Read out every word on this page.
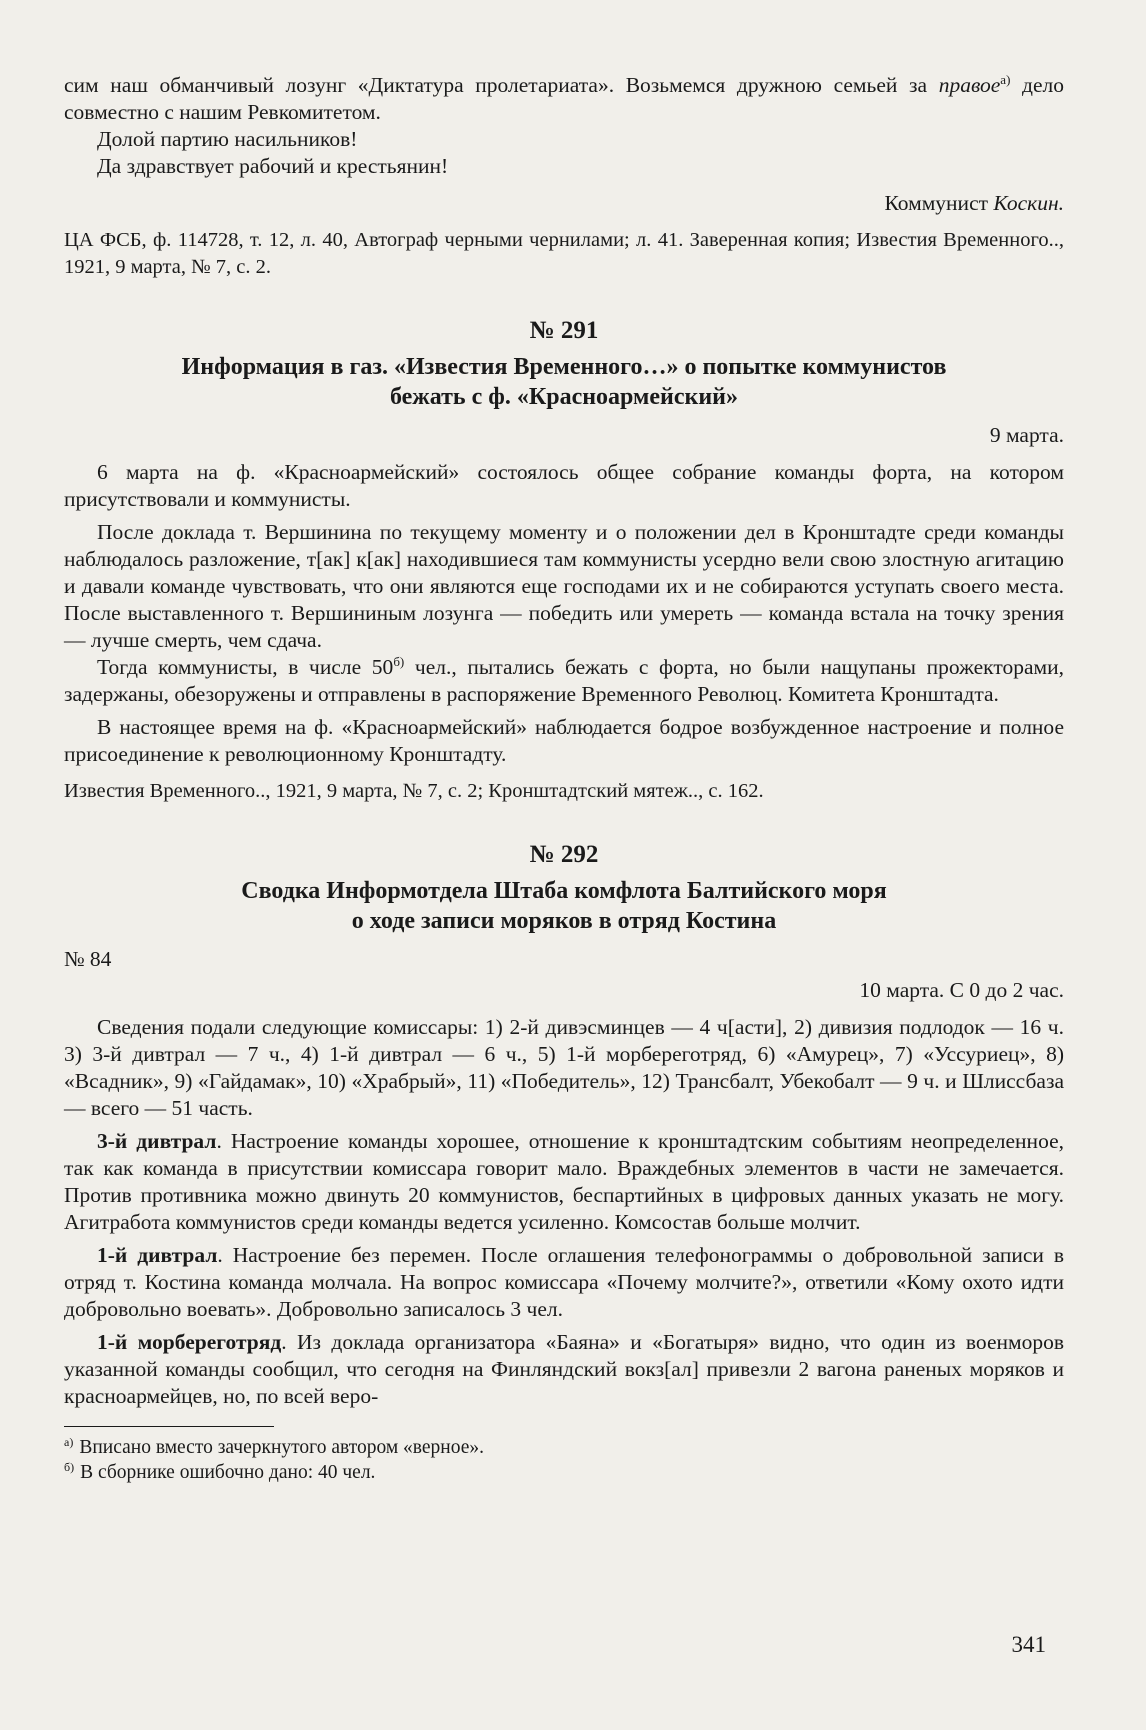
сим наш обманчивый лозунг «Диктатура пролетариата». Возьмемся дружною семьей за правое$^{a)}$ дело совместно с нашим Ревкомитетом.

Долой партию насильников!

Да здравствует рабочий и крестьянин!

Коммунист Коскин.

ЦА ФСБ, ф. 114728, т. 12, л. 40, Автограф черными чернилами; л. 41. Заверенная копия; Известия Временного.., 1921, 9 марта, № 7, с. 2.

№ 291
Информация в газ. «Известия Временного…» о попытке коммунистов
бежать с ф. «Красноармейский»
9 марта.

6 марта на ф. «Красноармейский» состоялось общее собрание команды форта, на котором присутствовали и коммунисты.

После доклада т. Вершинина по текущему моменту и о положении дел в Кронштадте среди команды наблюдалось разложение, т[ак] к[ак] находившиеся там коммунисты усердно вели свою злостную агитацию и давали команде чувствовать, что они являются еще господами их и не собираются уступать своего места. После выставленного т. Вершининым лозунга — победить или умереть — команда встала на точку зрения — лучше смерть, чем сдача.

Тогда коммунисты, в числе 50$^{б)}$ чел., пытались бежать с форта, но были нащупаны прожекторами, задержаны, обезоружены и отправлены в распоряжение Временного Революц. Комитета Кронштадта.

В настоящее время на ф. «Красноармейский» наблюдается бодрое возбужденное настроение и полное присоединение к революционному Кронштадту.

Известия Временного.., 1921, 9 марта, № 7, с. 2; Кронштадтский мятеж.., с. 162.

№ 292
Сводка Информотдела Штаба комфлота Балтийского моря
о ходе записи моряков в отряд Костина
№ 84
10 марта. С 0 до 2 час.

Сведения подали следующие комиссары: 1) 2-й дивэсминцев — 4 ч[асти], 2) дивизия подлодок — 16 ч. 3) 3-й дивтрал — 7 ч., 4) 1-й дивтрал — 6 ч., 5) 1-й морбереготряд, 6) «Амурец», 7) «Уссуриец», 8) «Всадник», 9) «Гайдамак», 10) «Храбрый», 11) «Победитель», 12) Трансбалт, Убекобалт — 9 ч. и Шлиссбаза — всего — 51 часть.

3-й дивтрал. Настроение команды хорошее, отношение к кронштадтским событиям неопределенное, так как команда в присутствии комиссара говорит мало. Враждебных элементов в части не замечается. Против противника можно двинуть 20 коммунистов, беспартийных в цифровых данных указать не могу. Агитработа коммунистов среди команды ведется усиленно. Комсостав больше молчит.

1-й дивтрал. Настроение без перемен. После оглашения телефонограммы о добровольной записи в отряд т. Костина команда молчала. На вопрос комиссара «Почему молчите?», ответили «Кому охото идти добровольно воевать». Добровольно записалось 3 чел.

1-й морбереготряд. Из доклада организатора «Баяна» и «Богатыря» видно, что один из военморов указанной команды сообщил, что сегодня на Финляндский вокз[ал] привезли 2 вагона раненых моряков и красноармейцев, но, по всей веро-

$^{а)}$ Вписано вместо зачеркнутого автором «верное».
$^{б)}$ В сборнике ошибочно дано: 40 чел.
341
